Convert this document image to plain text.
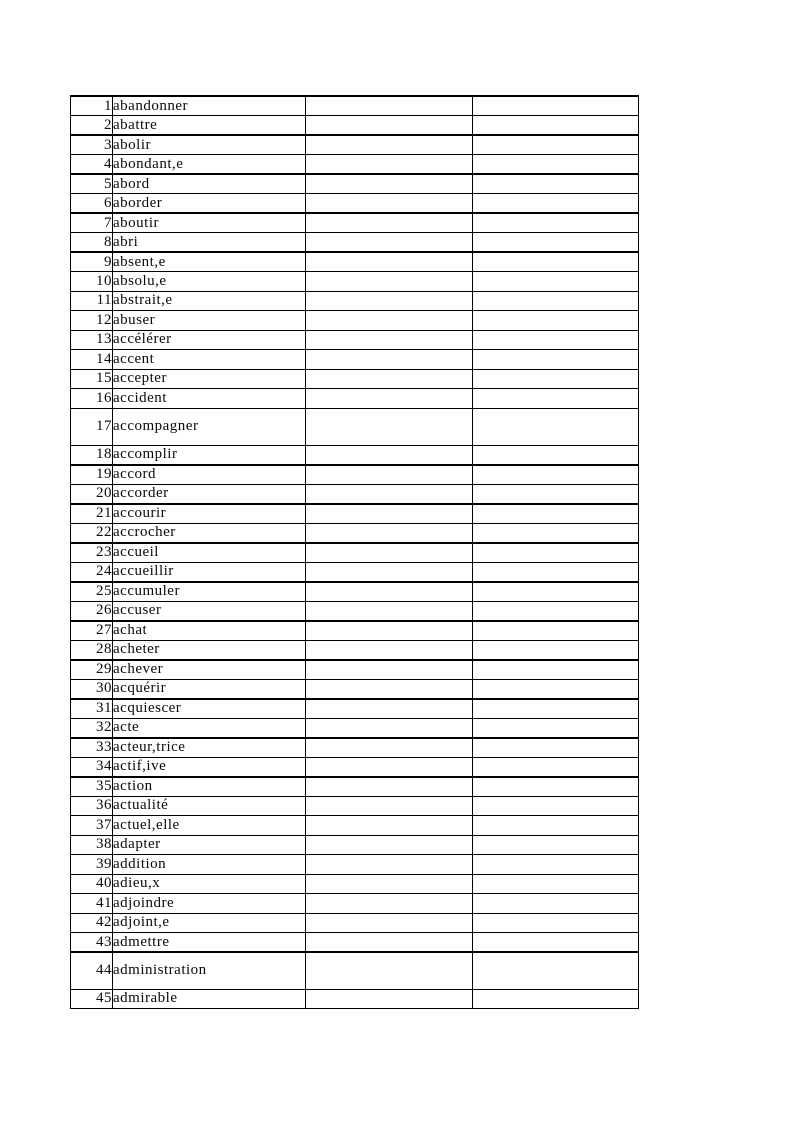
1	abandonner		
2	abattre		
3	abolir		
4	abondant,e		
5	abord		
6	aborder		
7	aboutir		
8	abri		
9	absent,e		
10	absolu,e		
11	abstrait,e		
12	abuser		
13	accélérer		
14	accent		
15	accepter		
16	accident		
17	accompagner		
18	accomplir		
19	accord		
20	accorder		
21	accourir		
22	accrocher		
23	accueil		
24	accueillir		
25	accumuler		
26	accuser		
27	achat		
28	acheter		
29	achever		
30	acquérir		
31	acquiescer		
32	acte		
33	acteur,trice		
34	actif,ive		
35	action		
36	actualité		
37	actuel,elle		
38	adapter		
39	addition		
40	adieu,x		
41	adjoindre		
42	adjoint,e		
43	admettre		
44	administration		
45	admirable		
